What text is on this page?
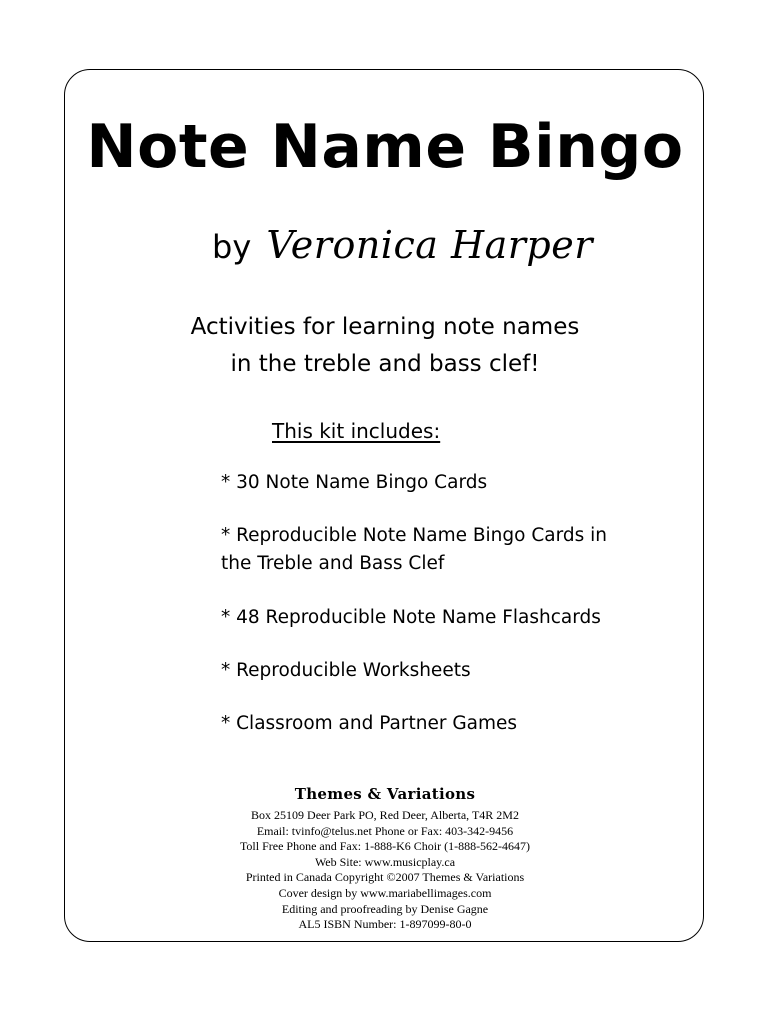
Note Name Bingo
by Veronica Harper
Activities for learning note names
in the treble and bass clef!
This kit includes:
* 30 Note Name Bingo Cards
* Reproducible Note Name Bingo Cards in the Treble and Bass Clef
* 48 Reproducible Note Name Flashcards
* Reproducible Worksheets
* Classroom and Partner Games
Themes & Variations
Box 25109 Deer Park PO, Red Deer, Alberta, T4R 2M2
Email: tvinfo@telus.net Phone or Fax: 403-342-9456
Toll Free Phone and Fax: 1-888-K6 Choir (1-888-562-4647)
Web Site: www.musicplay.ca
Printed in Canada Copyright ©2007 Themes & Variations
Cover design by www.mariabellimages.com
Editing and proofreading by Denise Gagne
AL5 ISBN Number: 1-897099-80-0
